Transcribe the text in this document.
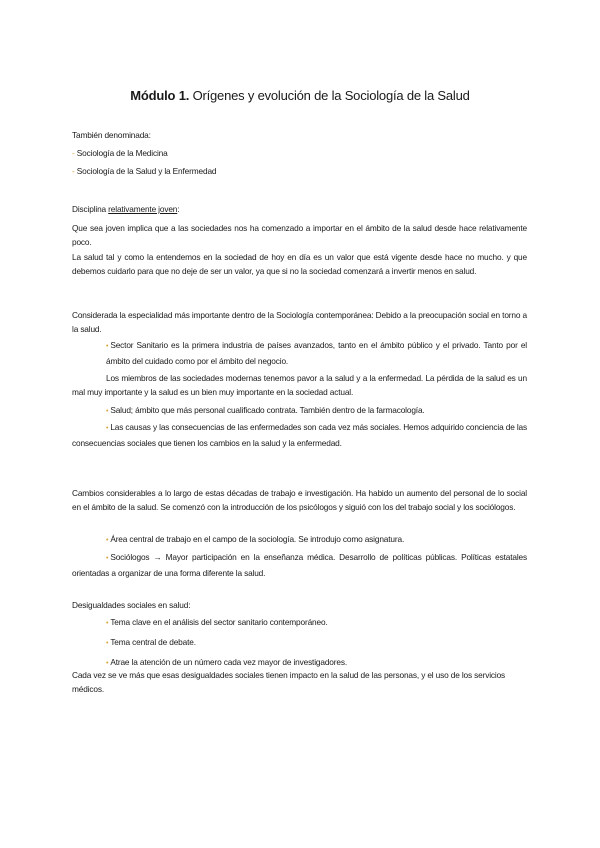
Módulo 1. Orígenes y evolución de la Sociología de la Salud

También denominada:

- Sociología de la Medicina

- Sociología de la Salud y la Enfermedad

Disciplina relativamente joven:

Que sea joven implica que a las sociedades nos ha comenzado a importar en el ámbito de la salud desde hace relativamente poco.

La salud tal y como la entendemos en la sociedad de hoy en día es un valor que está vigente desde hace no mucho. y que debemos cuidarlo para que no deje de ser un valor, ya que si no la sociedad comenzará a invertir menos en salud.

Considerada la especialidad más importante dentro de la Sociología contemporánea: Debido a la preocupación social en torno a la salud.

• Sector Sanitario es la primera industria de países avanzados, tanto en el ámbito público y el privado. Tanto por el ámbito del cuidado como por el ámbito del negocio.

Los miembros de las sociedades modernas tenemos pavor a la salud y a la enfermedad. La pérdida de la salud es un mal muy importante y la salud es un bien muy importante en la sociedad actual.

• Salud; ámbito que más personal cualificado contrata. También dentro de la farmacología.

• Las causas y las consecuencias de las enfermedades son cada vez más sociales. Hemos adquirido conciencia de las consecuencias sociales que tienen los cambios en la salud y la enfermedad.

Cambios considerables a lo largo de estas décadas de trabajo e investigación. Ha habido un aumento del personal de lo social en el ámbito de la salud. Se comenzó con la introducción de los psicólogos y siguió con los del trabajo social y los sociólogos.

• Área central de trabajo en el campo de la sociología. Se introdujo como asignatura.

• Sociólogos → Mayor participación en la enseñanza médica. Desarrollo de políticas públicas. Políticas estatales orientadas a organizar de una forma diferente la salud.

Desigualdades sociales en salud:

• Tema clave en el análisis del sector sanitario contemporáneo.

• Tema central de debate.

• Atrae la atención de un número cada vez mayor de investigadores.

Cada vez se ve más que esas desigualdades sociales tienen impacto en la salud de las personas, y el uso de los servicios médicos.
